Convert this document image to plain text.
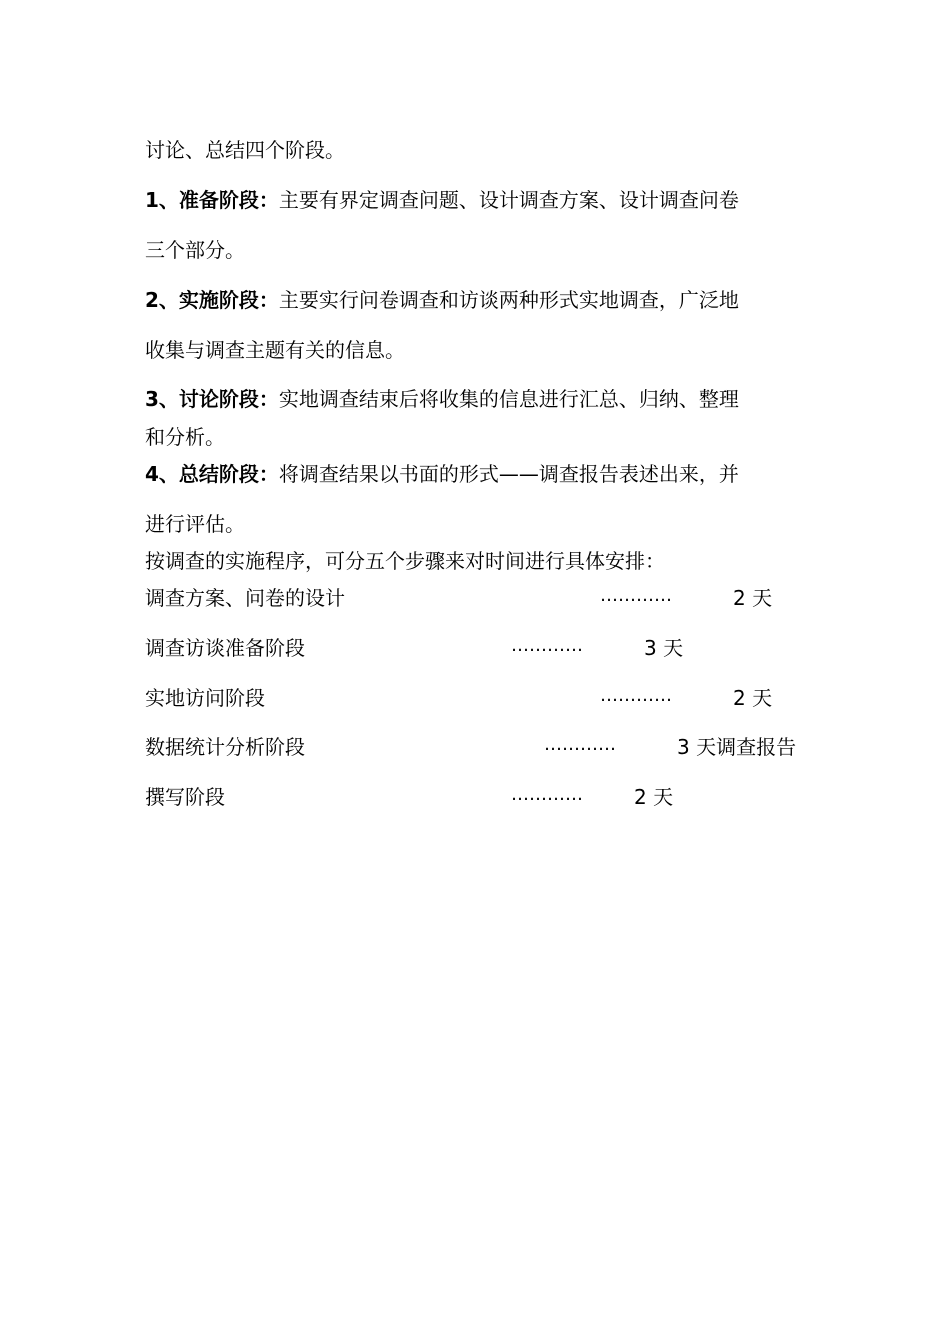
讨论、总结四个阶段。
1、准备阶段：主要有界定调查问题、设计调查方案、设计调查问卷
三个部分。
2、实施阶段：主要实行问卷调查和访谈两种形式实地调查，广泛地
收集与调查主题有关的信息。
3、讨论阶段：实地调查结束后将收集的信息进行汇总、归纳、整理
和分析。
4、总结阶段：将调查结果以书面的形式——调查报告表述出来，并
进行评估。
按调查的实施程序，可分五个步骤来对时间进行具体安排：
调查方案、问卷的设计	…………	2 天
调查访谈准备阶段	…………	3 天
实地访问阶段	…………	2 天
数据统计分析阶段	…………	3 天调查报告
撰写阶段	…………	2 天
